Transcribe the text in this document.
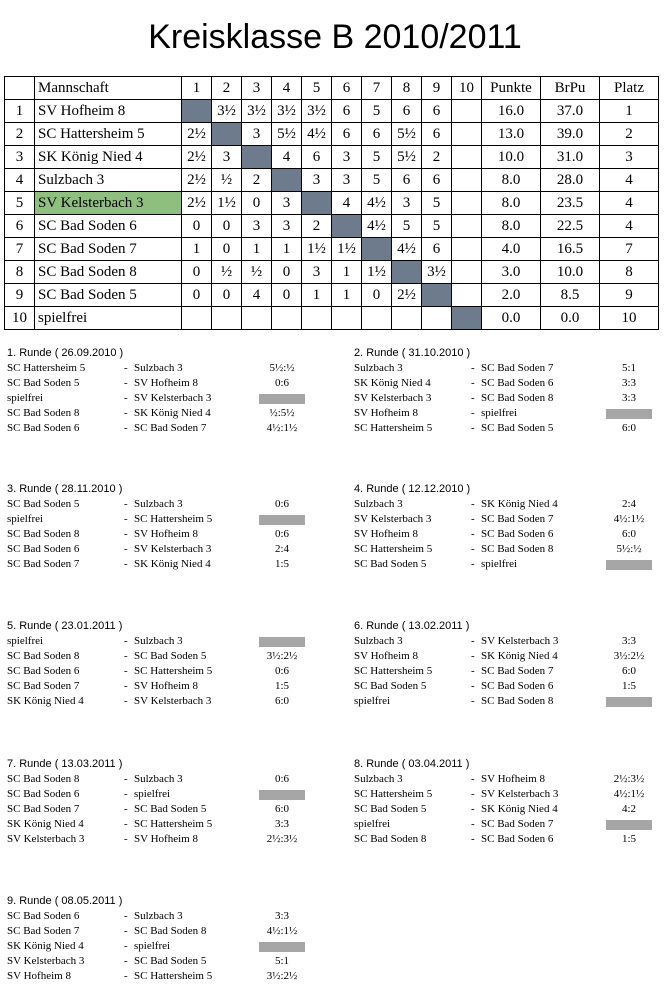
Kreisklasse B 2010/2011
	Mannschaft	1	2	3	4	5	6	7	8	9	10	Punkte	BrPu	Platz
1	SV Hofheim 8		3½	3½	3½	3½	6	5	6	6		16.0	37.0	1
2	SC Hattersheim 5	2½		3	5½	4½	6	6	5½	6		13.0	39.0	2
3	SK König Nied 4	2½	3		4	6	3	5	5½	2		10.0	31.0	3
4	Sulzbach 3	2½	½	2		3	3	5	6	6		8.0	28.0	4
5	SV Kelsterbach 3	2½	1½	0	3		4	4½	3	5		8.0	23.5	4
6	SC Bad Soden 6	0	0	3	3	2		4½	5	5		8.0	22.5	4
7	SC Bad Soden 7	1	0	1	1	1½	1½		4½	6		4.0	16.5	7
8	SC Bad Soden 8	0	½	½	0	3	1	1½		3½		3.0	10.0	8
9	SC Bad Soden 5	0	0	4	0	1	1	0	2½			2.0	8.5	9
10	spielfrei											0.0	0.0	10
1. Runde ( 26.09.2010 )
SC Hattersheim 5	- Sulzbach 3	5½:½
SC Bad Soden 5	- SV Hofheim 8	0:6
spielfrei	- SV Kelsterbach 3
SC Bad Soden 8	- SK König Nied 4	½:5½
SC Bad Soden 6	- SC Bad Soden 7	4½:1½
2. Runde ( 31.10.2010 )
Sulzbach 3	- SC Bad Soden 7	5:1
SK König Nied 4	- SC Bad Soden 6	3:3
SV Kelsterbach 3	- SC Bad Soden 8	3:3
SV Hofheim 8	- spielfrei
SC Hattersheim 5	- SC Bad Soden 5	6:0
3. Runde ( 28.11.2010 )
SC Bad Soden 5	- Sulzbach 3	0:6
spielfrei	- SC Hattersheim 5
SC Bad Soden 8	- SV Hofheim 8	0:6
SC Bad Soden 6	- SV Kelsterbach 3	2:4
SC Bad Soden 7	- SK König Nied 4	1:5
4. Runde ( 12.12.2010 )
Sulzbach 3	- SK König Nied 4	2:4
SV Kelsterbach 3	- SC Bad Soden 7	4½:1½
SV Hofheim 8	- SC Bad Soden 6	6:0
SC Hattersheim 5	- SC Bad Soden 8	5½:½
SC Bad Soden 5	- spielfrei
5. Runde ( 23.01.2011 )
spielfrei	- Sulzbach 3
SC Bad Soden 8	- SC Bad Soden 5	3½:2½
SC Bad Soden 6	- SC Hattersheim 5	0:6
SC Bad Soden 7	- SV Hofheim 8	1:5
SK König Nied 4	- SV Kelsterbach 3	6:0
6. Runde ( 13.02.2011 )
Sulzbach 3	- SV Kelsterbach 3	3:3
SV Hofheim 8	- SK König Nied 4	3½:2½
SC Hattersheim 5	- SC Bad Soden 7	6:0
SC Bad Soden 5	- SC Bad Soden 6	1:5
spielfrei	- SC Bad Soden 8
7. Runde ( 13.03.2011 )
SC Bad Soden 8	- Sulzbach 3	0:6
SC Bad Soden 6	- spielfrei
SC Bad Soden 7	- SC Bad Soden 5	6:0
SK König Nied 4	- SC Hattersheim 5	3:3
SV Kelsterbach 3	- SV Hofheim 8	2½:3½
8. Runde ( 03.04.2011 )
Sulzbach 3	- SV Hofheim 8	2½:3½
SC Hattersheim 5	- SV Kelsterbach 3	4½:1½
SC Bad Soden 5	- SK König Nied 4	4:2
spielfrei	- SC Bad Soden 7
SC Bad Soden 8	- SC Bad Soden 6	1:5
9. Runde ( 08.05.2011 )
SC Bad Soden 6	- Sulzbach 3	3:3
SC Bad Soden 7	- SC Bad Soden 8	4½:1½
SK König Nied 4	- spielfrei
SV Kelsterbach 3	- SC Bad Soden 5	5:1
SV Hofheim 8	- SC Hattersheim 5	3½:2½
